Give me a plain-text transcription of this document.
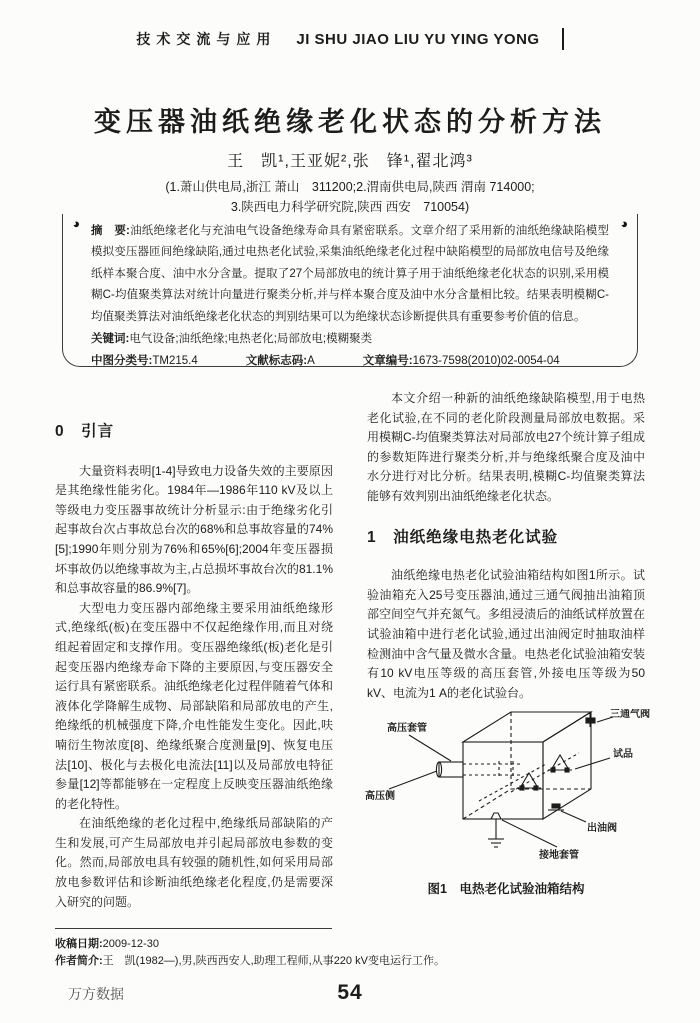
技术交流与应用 JI SHU JIAO LIU YU YING YONG
变压器油纸绝缘老化状态的分析方法
王　凯¹,王亚妮²,张　锋¹,翟北鸿³
(1.萧山供电局,浙江 萧山　311200;2.渭南供电局,陕西 渭南 714000;
3.陕西电力科学研究院,陕西 西安　710054)
◕	◕

摘　要:油纸绝缘老化与充油电气设备绝缘寿命具有紧密联系。文章介绍了采用新的油纸绝缘缺陷模型模拟变压器匝间绝缘缺陷,通过电热老化试验,采集油纸绝缘老化过程中缺陷模型的局部放电信号及绝缘纸样本聚合度、油中水分含量。提取了27个局部放电的统计算子用于油纸绝缘老化状态的识别,采用模糊C-均值聚类算法对统计向量进行聚类分析,并与样本聚合度及油中水分含量相比较。结果表明模糊C-均值聚类算法对油纸绝缘老化状态的判别结果可以为绝缘状态诊断提供具有重要参考价值的信息。

关键词:电气设备;油纸绝缘;电热老化;局部放电;模糊聚类
中图分类号:TM215.4	文献标志码:A	文章编号:1673-7598(2010)02-0054-04
0　引言

大量资料表明[1-4]导致电力设备失效的主要原因是其绝缘性能劣化。1984年—1986年110 kV及以上等级电力变压器事故统计分析显示:由于绝缘劣化引起事故台次占事故总台次的68%和总事故容量的74%[5];1990年则分别为76%和65%[6];2004年变压器损坏事故仍以绝缘事故为主,占总损坏事故台次的81.1%和总事故容量的86.9%[7]。

大型电力变压器内部绝缘主要采用油纸绝缘形式,绝缘纸(板)在变压器中不仅起绝缘作用,而且对绕组起着固定和支撑作用。变压器绝缘纸(板)老化是引起变压器内绝缘寿命下降的主要原因,与变压器安全运行具有紧密联系。油纸绝缘老化过程伴随着气体和液体化学降解生成物、局部缺陷和局部放电的产生,绝缘纸的机械强度下降,介电性能发生变化。因此,呋喃衍生物浓度[8]、绝缘纸聚合度测量[9]、恢复电压法[10]、极化与去极化电流法[11]以及局部放电特征参量[12]等都能够在一定程度上反映变压器油纸绝缘的老化特性。

在油纸绝缘的老化过程中,绝缘纸局部缺陷的产生和发展,可产生局部放电并引起局部放电参数的变化。然而,局部放电具有较强的随机性,如何采用局部放电参数评估和诊断油纸绝缘老化程度,仍是需要深入研究的问题。

本文介绍一种新的油纸绝缘缺陷模型,用于电热老化试验,在不同的老化阶段测量局部放电数据。采用模糊C-均值聚类算法对局部放电27个统计算子组成的参数矩阵进行聚类分析,并与绝缘纸聚合度及油中水分进行对比分析。结果表明,模糊C-均值聚类算法能够有效判别出油纸绝缘老化状态。

1　油纸绝缘电热老化试验

油纸绝缘电热老化试验油箱结构如图1所示。试验油箱充入25号变压器油,通过三通气阀抽出油箱顶部空间空气并充氮气。多组浸渍后的油纸试样放置在试验油箱中进行老化试验,通过出油阀定时抽取油样检测油中含气量及微水含量。电热老化试验油箱安装有10 kV电压等级的高压套管,外接电压等级为50 kV、电流为1 A的老化试验台。

高压套管
高压侧
三通气阀
试品
出油阀
接地套管
图1　电热老化试验油箱结构
收稿日期:2009-12-30
作者简介:王　凯(1982—),男,陕西西安人,助理工程师,从事220 kV变电运行工作。
万方数据	54
